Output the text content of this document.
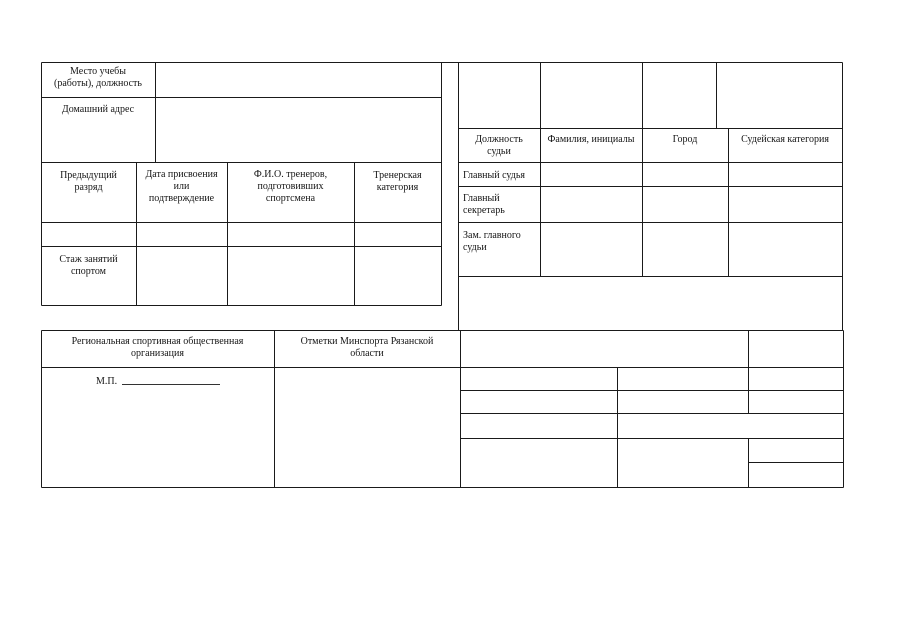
Место учебы
(работы), должность
Домашний адрес
Предыдущий
разряд
Дата присвоения
или
подтверждение
Ф.И.О. тренеров,
подготовивших
спортсмена
Тренерская
категория
Стаж занятий
спортом
Должность
судьи
Фамилия, инициалы	Город	Судейская категория
Главный судья
Главный
секретарь
Зам. главного
судьи
Региональная спортивная общественная
организация
Отметки Минспорта Рязанской
области
М.П.
